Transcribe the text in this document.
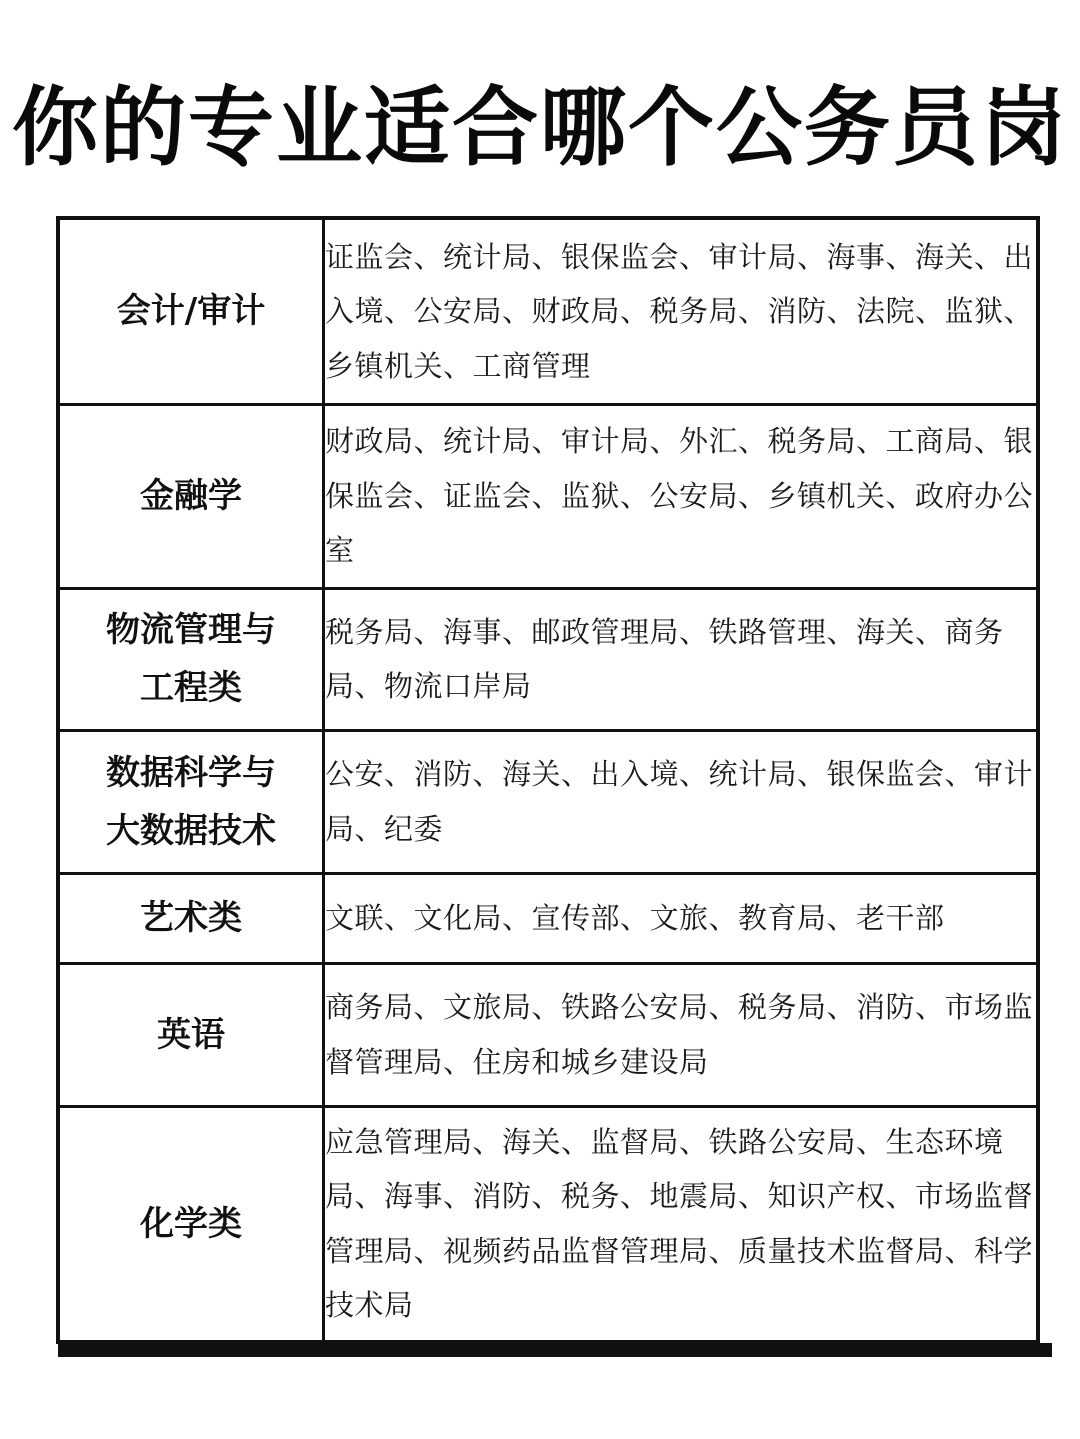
你的专业适合哪个公务员岗
会计/审计	证监会、统计局、银保监会、审计局、海事、海关、出入境、公安局、财政局、税务局、消防、法院、监狱、乡镇机关、工商管理
金融学	财政局、统计局、审计局、外汇、税务局、工商局、银保监会、证监会、监狱、公安局、乡镇机关、政府办公室
物流管理与工程类	税务局、海事、邮政管理局、铁路管理、海关、商务局、物流口岸局
数据科学与大数据技术	公安、消防、海关、出入境、统计局、银保监会、审计局、纪委
艺术类	文联、文化局、宣传部、文旅、教育局、老干部
英语	商务局、文旅局、铁路公安局、税务局、消防、市场监督管理局、住房和城乡建设局
化学类	应急管理局、海关、监督局、铁路公安局、生态环境局、海事、消防、税务、地震局、知识产权、市场监督管理局、视频药品监督管理局、质量技术监督局、科学技术局
